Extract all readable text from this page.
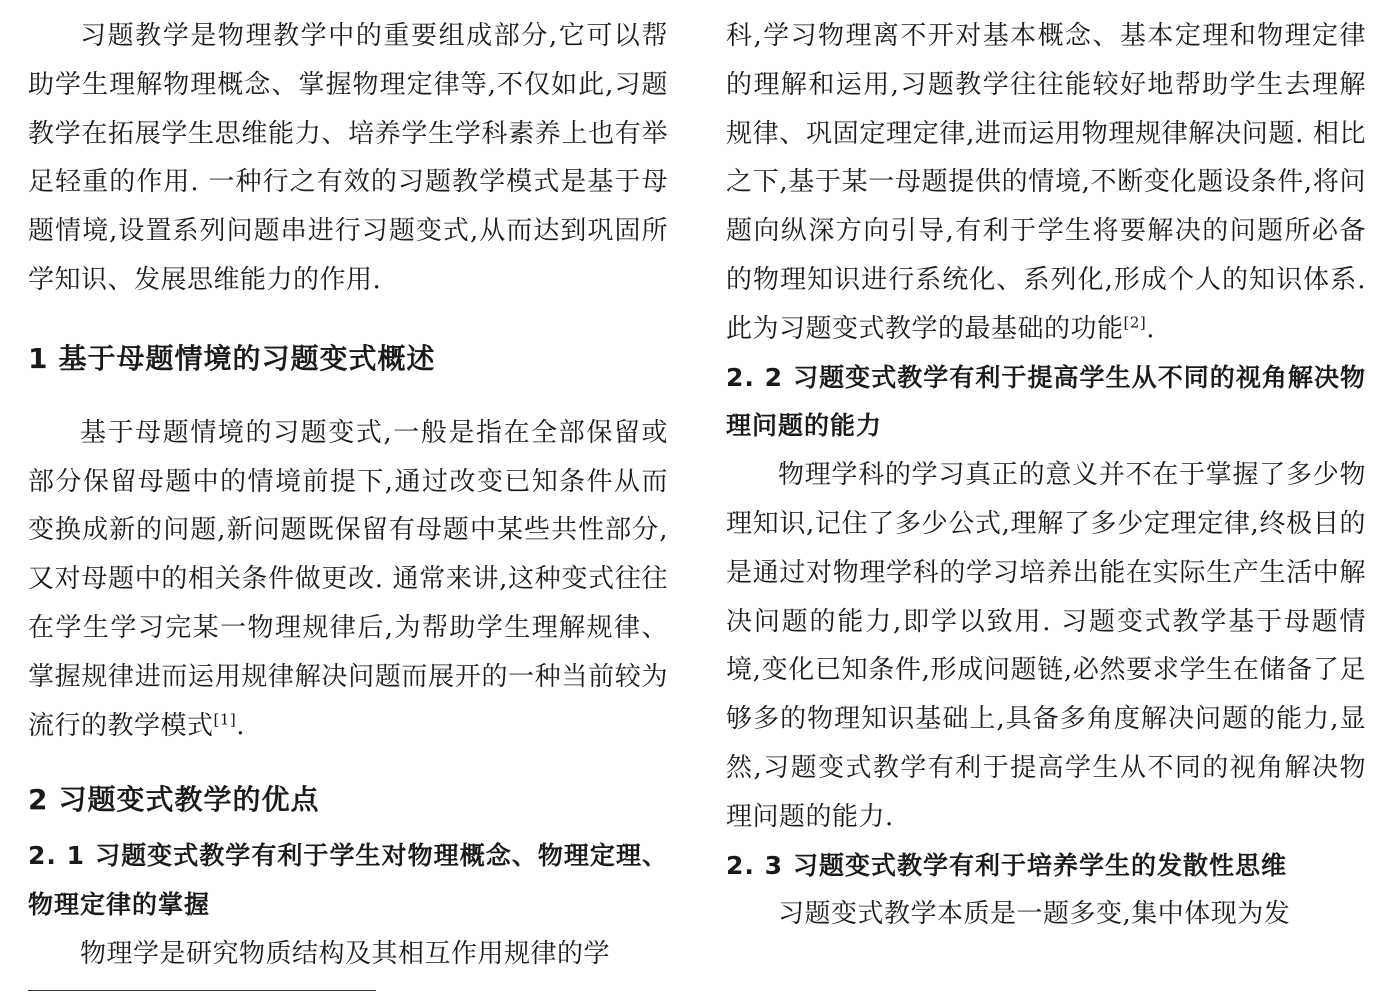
习题教学是物理教学中的重要组成部分,它可以帮助学生理解物理概念、掌握物理定律等,不仅如此,习题教学在拓展学生思维能力、培养学生学科素养上也有举足轻重的作用. 一种行之有效的习题教学模式是基于母题情境,设置系列问题串进行习题变式,从而达到巩固所学知识、发展思维能力的作用.

1 基于母题情境的习题变式概述

基于母题情境的习题变式,一般是指在全部保留或部分保留母题中的情境前提下,通过改变已知条件从而变换成新的问题,新问题既保留有母题中某些共性部分,又对母题中的相关条件做更改. 通常来讲,这种变式往往在学生学习完某一物理规律后,为帮助学生理解规律、掌握规律进而运用规律解决问题而展开的一种当前较为流行的教学模式[1].

2 习题变式教学的优点
2. 1 习题变式教学有利于学生对物理概念、物理定理、物理定律的掌握

物理学是研究物质结构及其相互作用规律的学

科,学习物理离不开对基本概念、基本定理和物理定律的理解和运用,习题教学往往能较好地帮助学生去理解规律、巩固定理定律,进而运用物理规律解决问题. 相比之下,基于某一母题提供的情境,不断变化题设条件,将问题向纵深方向引导,有利于学生将要解决的问题所必备的物理知识进行系统化、系列化,形成个人的知识体系. 此为习题变式教学的最基础的功能[2].

2. 2 习题变式教学有利于提高学生从不同的视角解决物理问题的能力

物理学科的学习真正的意义并不在于掌握了多少物理知识,记住了多少公式,理解了多少定理定律,终极目的是通过对物理学科的学习培养出能在实际生产生活中解决问题的能力,即学以致用. 习题变式教学基于母题情境,变化已知条件,形成问题链,必然要求学生在储备了足够多的物理知识基础上,具备多角度解决问题的能力,显然,习题变式教学有利于提高学生从不同的视角解决物理问题的能力.

2. 3 习题变式教学有利于培养学生的发散性思维

习题变式教学本质是一题多变,集中体现为发
